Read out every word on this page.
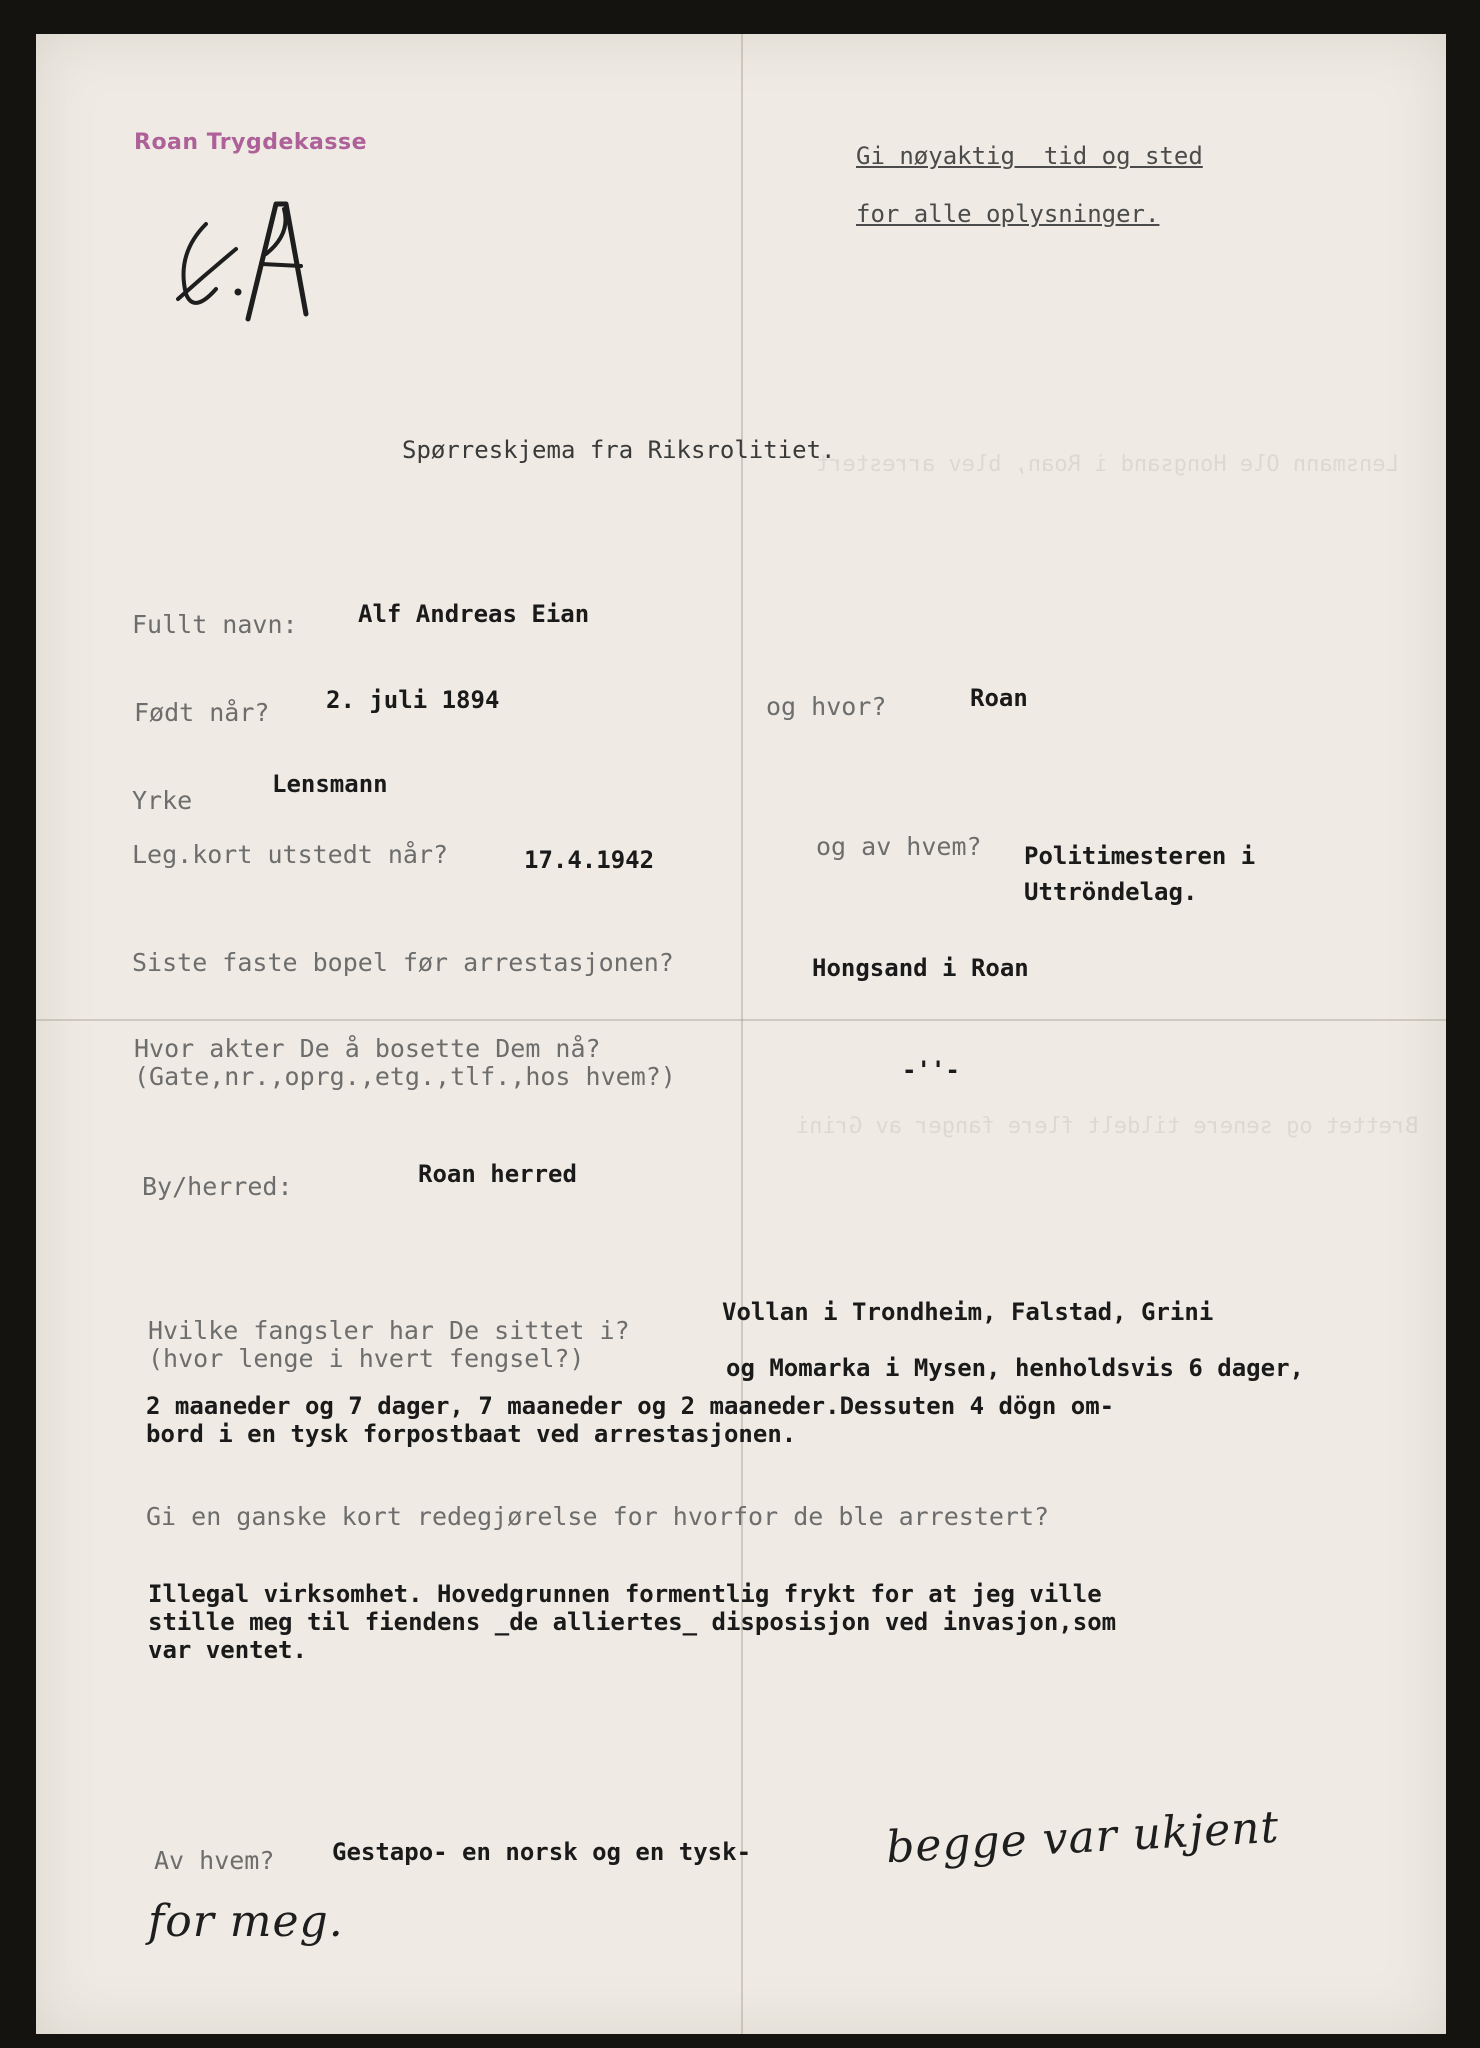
Roan Trygdekasse	Gi nøyaktig  tid og sted
for alle oplysninger.
Lensmann Ole Hongsand i Roan, blev arrestert
Spørreskjema fra Riksrolitiet.
Fullt navn:	Alf Andreas Eian
Født når? 2. juli 1894	og hvor?	Roan
Yrke
Lensmann
Leg.kort utstedt når?	17.4.1942	og av hvem? Politimesteren i
Uttröndelag.
Siste faste bopel før arrestasjonen?	Hongsand i Roan
Hvor akter De å bosette Dem nå?
(Gate,nr.,oprg.,etg.,tlf.,hos hvem?)	-''-
Brettet og senere tildelt flere fanger av Grini
By/herred:	Roan herred
Hvilke fangsler har De sittet i?
(hvor lenge i hvert fengsel?)
Vollan i Trondheim, Falstad, Grini
og Momarka i Mysen, henholdsvis 6 dager,
2 maaneder og 7 dager, 7 maaneder og 2 maaneder.Dessuten 4 dögn om-
bord i en tysk forpostbaat ved arrestasjonen.
Gi en ganske kort redegjørelse for hvorfor de ble arrestert?
Illegal virksomhet. Hovedgrunnen formentlig frykt for at jeg ville
stille meg til fiendens _de alliertes_ disposisjon ved invasjon,som
var ventet.
Av hvem? Gestapo- en norsk og en tysk-	begge var ukjent
for meg.
